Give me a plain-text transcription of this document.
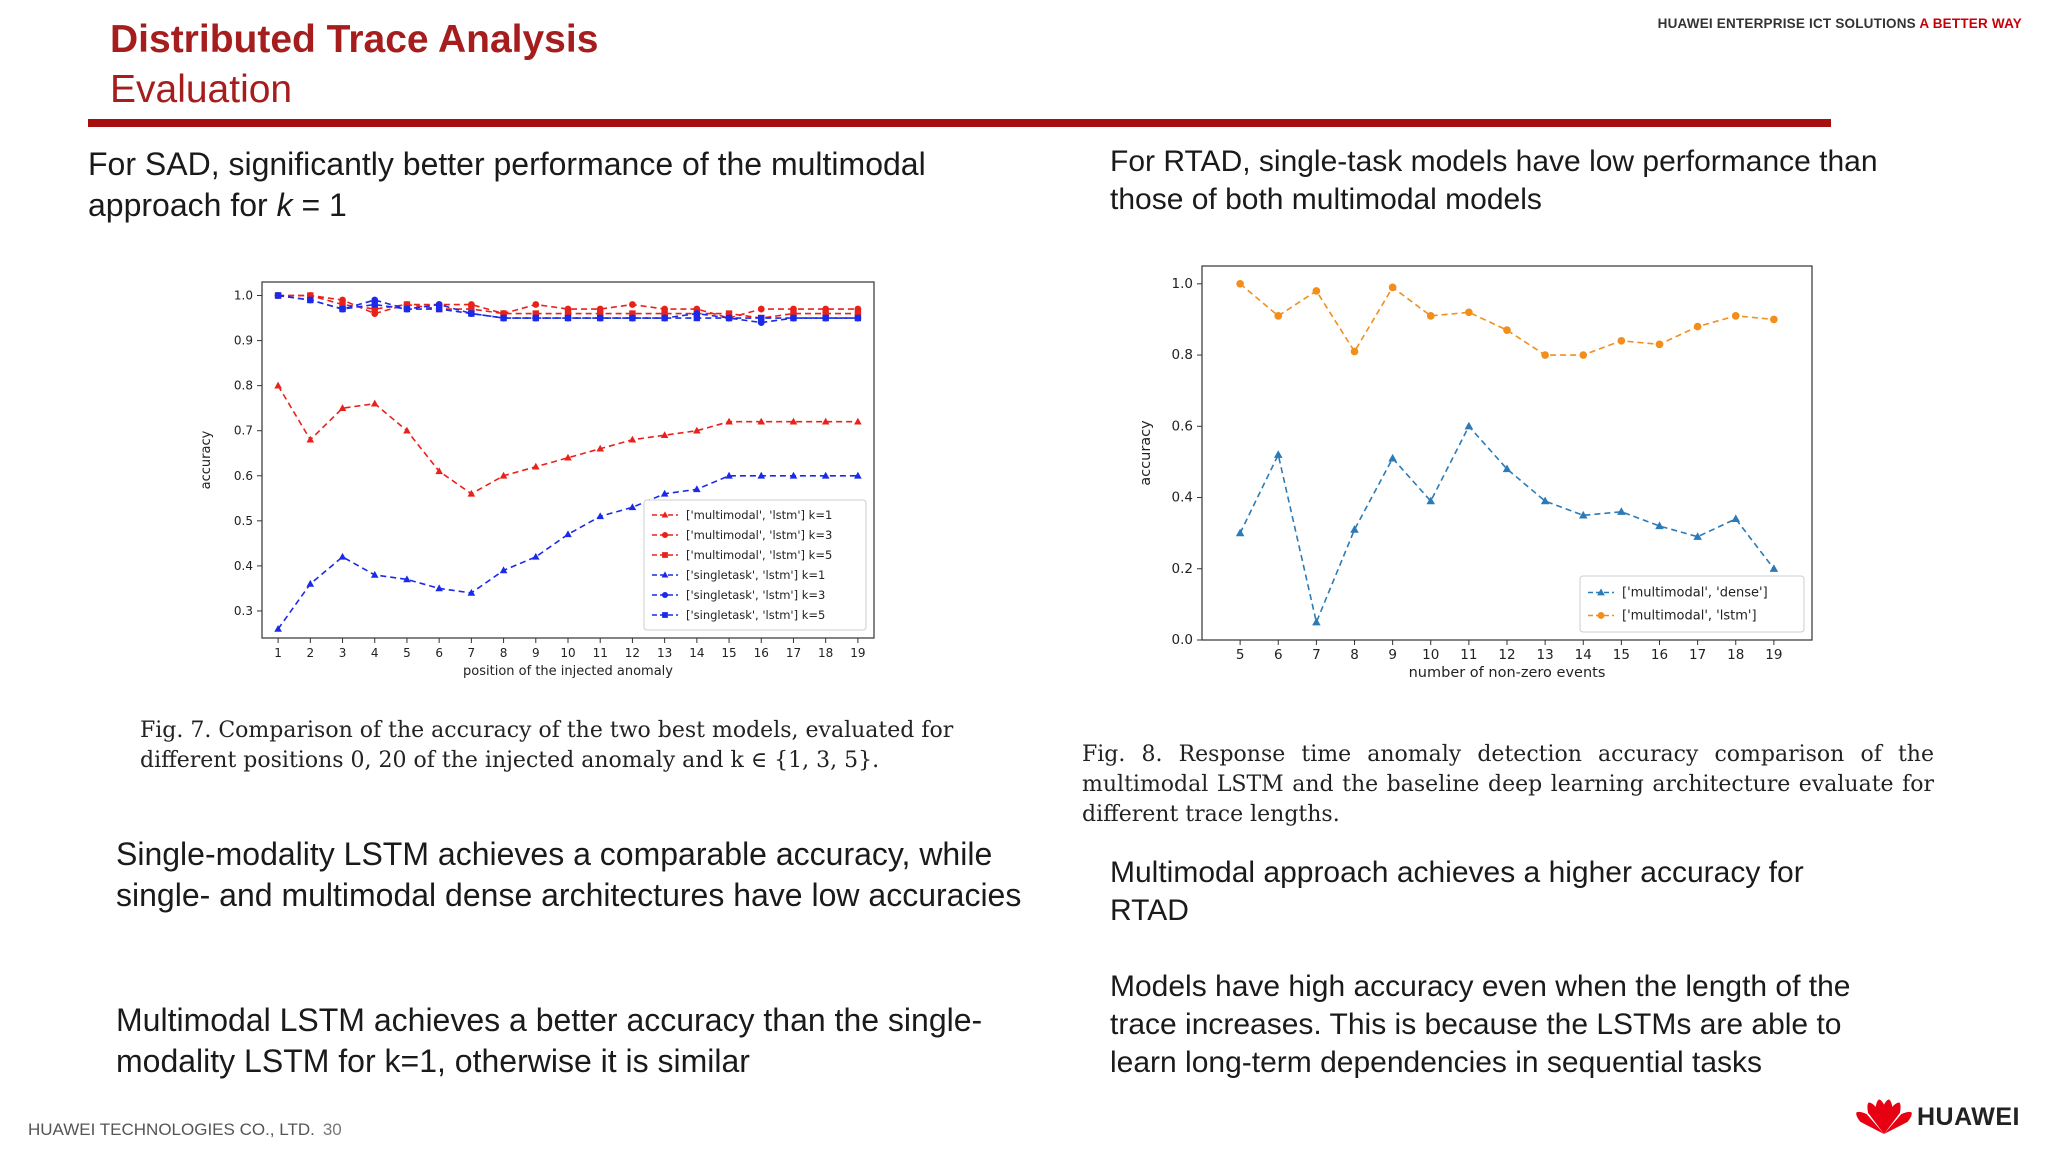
Distributed Trace Analysis
Evaluation
HUAWEI ENTERPRISE ICT SOLUTIONS A BETTER WAY
For SAD, significantly better performance of the multimodal
approach for k = 1
0.3
0.4
0.5
0.6
0.7
0.8
0.9
1.0
1 2 3 4 5 6 7 8 9 10 11 12 13 14 15 16 17 18 19
position of the injected anomaly
accuracy
['multimodal', 'lstm'] k=1
['multimodal', 'lstm'] k=3
['multimodal', 'lstm'] k=5
['singletask', 'lstm'] k=1
['singletask', 'lstm'] k=3
['singletask', 'lstm'] k=5
Fig. 7. Comparison of the accuracy of the two best models, evaluated for
different positions 0, 20 of the injected anomaly and k ∈ {1, 3, 5}.
Single-modality LSTM achieves a comparable accuracy, while single- and multimodal dense architectures have low accuracies
Multimodal LSTM achieves a better accuracy than the single-modality LSTM for k=1, otherwise it is similar
For RTAD, single-task models have low performance than those of both multimodal models
0.0
0.2
0.4
0.6
0.8
1.0
5 6 7 8 9 10 11 12 13 14 15 16 17 18 19
number of non-zero events
accuracy
['multimodal', 'dense']
['multimodal', 'lstm']
Fig. 8. Response time anomaly detection accuracy comparison of the multimodal LSTM and the baseline deep learning architecture evaluate for different trace lengths.
Multimodal approach achieves a higher accuracy for RTAD
Models have high accuracy even when the length of the trace increases. This is because the LSTMs are able to learn long-term dependencies in sequential tasks
HUAWEI TECHNOLOGIES CO., LTD. 30	HUAWEI
